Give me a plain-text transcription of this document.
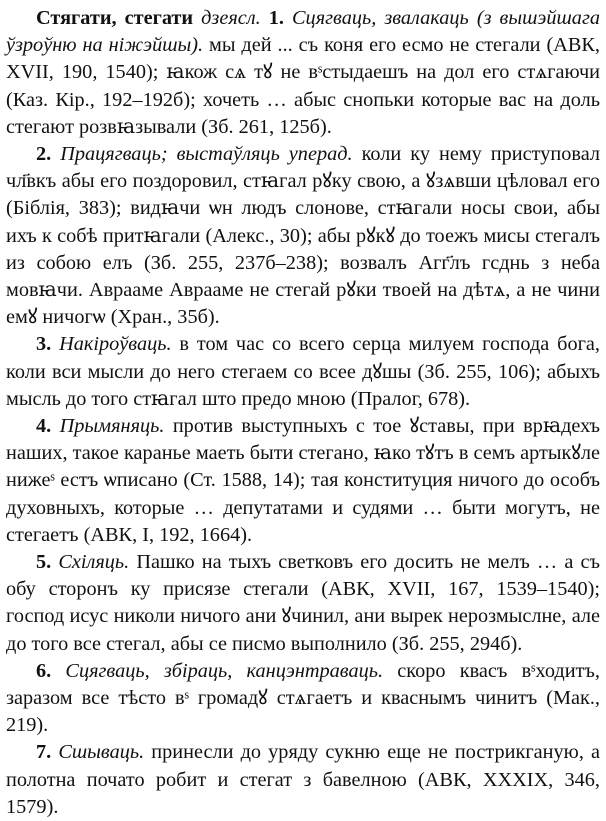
Стягати, стегати дзеясл. 1. Сцягваць, звалакаць (з вышэйшага ўзроўню на ніжэйшы). мы дей ... съ коня его есмо не стегали (АВК, XVII, 190, 1540); ꙗкож сѧ тꙋ не вˢстыдаешъ на дол его стѧгаючи (Каз. Кір., 192–192б); хочеть … абыс снопьки которые вас на доль стегают розвꙗзывали (Зб. 261, 125б).

2. Працягваць; выстаўляць уперад. коли ку нему приступовал чл҃вкъ абы его поздоровил, стꙗгал рꙋку свою, а ꙋзѧвши цѣловал его (Біблія, 383); видꙗчи ѡн людъ слонове, стꙗгали носы свои, абы ихъ к собѣ притꙗгали (Алекс., 30); абы рꙋкꙋ до тоежъ мисы стегалъ из собою елъ (Зб. 255, 237б–238); возвалъ Агг҃лъ гсднь з неба мовꙗчи. Аврааме Аврааме не стегай рꙋки твоей на дѣтѧ, а не чини емꙋ ничогѡ (Хран., 35б).

3. Накіроўваць. в том час со всего серца милуем господа бога, коли вси мысли до него стегаем со всее дꙋшы (Зб. 255, 106); абыхъ мысль до того стꙗгал што предо мною (Пралог, 678).

4. Прымяняць. против выступныхъ с тое ꙋставы, при врꙗдехъ наших, такое каранье маеть быти стегано, ꙗко тꙋтъ в семъ артыкꙋле нижеˢ естъ ѡписано (Ст. 1588, 14); тая конституция ничого до особъ духовныхъ, которые … депутатами и судями … быти могутъ, не стегаетъ (АВК, I, 192, 1664).

5. Схіляць. Пашко на тыхъ светковъ его досить не мелъ … а съ обу сторонъ ку присязе стегали (АВК, XVII, 167, 1539–1540); господ исус николи ничого ани ꙋчинил, ани вырек нерозмыслне, але до того все стегал, абы се писмо выполнило (Зб. 255, 294б).

6. Сцягваць, збіраць, канцэнтраваць. скоро квасъ вˢходитъ, заразом все тѣсто вˢ громадꙋ стѧгаетъ и кваснымъ чинитъ (Мак., 219).

7. Сшываць. принесли до уряду сукню еще не пострикганую, а полотна почато робит и стегат з бавелною (АВК, XXXIX, 346, 1579).
